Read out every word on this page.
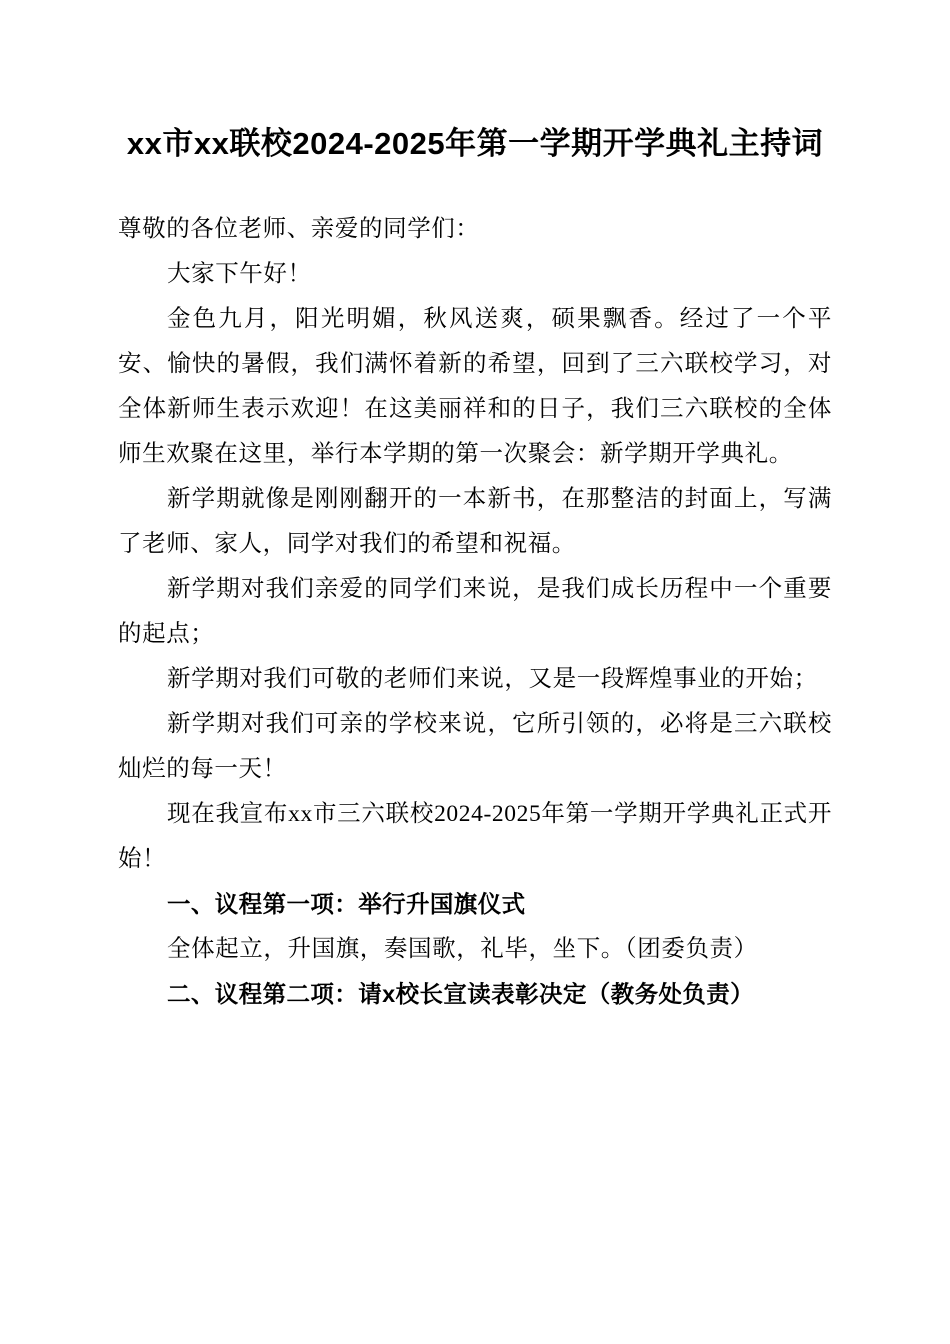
xx市xx联校2024-2025年第一学期开学典礼主持词

尊敬的各位老师、亲爱的同学们：

大家下午好！

金色九月，阳光明媚，秋风送爽，硕果飘香。经过了一个平安、愉快的暑假，我们满怀着新的希望，回到了三六联校学习，对全体新师生表示欢迎！在这美丽祥和的日子，我们三六联校的全体师生欢聚在这里，举行本学期的第一次聚会：新学期开学典礼。

新学期就像是刚刚翻开的一本新书，在那整洁的封面上，写满了老师、家人，同学对我们的希望和祝福。

新学期对我们亲爱的同学们来说，是我们成长历程中一个重要的起点；

新学期对我们可敬的老师们来说，又是一段辉煌事业的开始；

新学期对我们可亲的学校来说，它所引领的，必将是三六联校灿烂的每一天！

现在我宣布xx市三六联校2024-2025年第一学期开学典礼正式开始！

一、议程第一项：举行升国旗仪式

全体起立，升国旗，奏国歌，礼毕，坐下。（团委负责）

二、议程第二项：请x校长宣读表彰决定（教务处负责）
